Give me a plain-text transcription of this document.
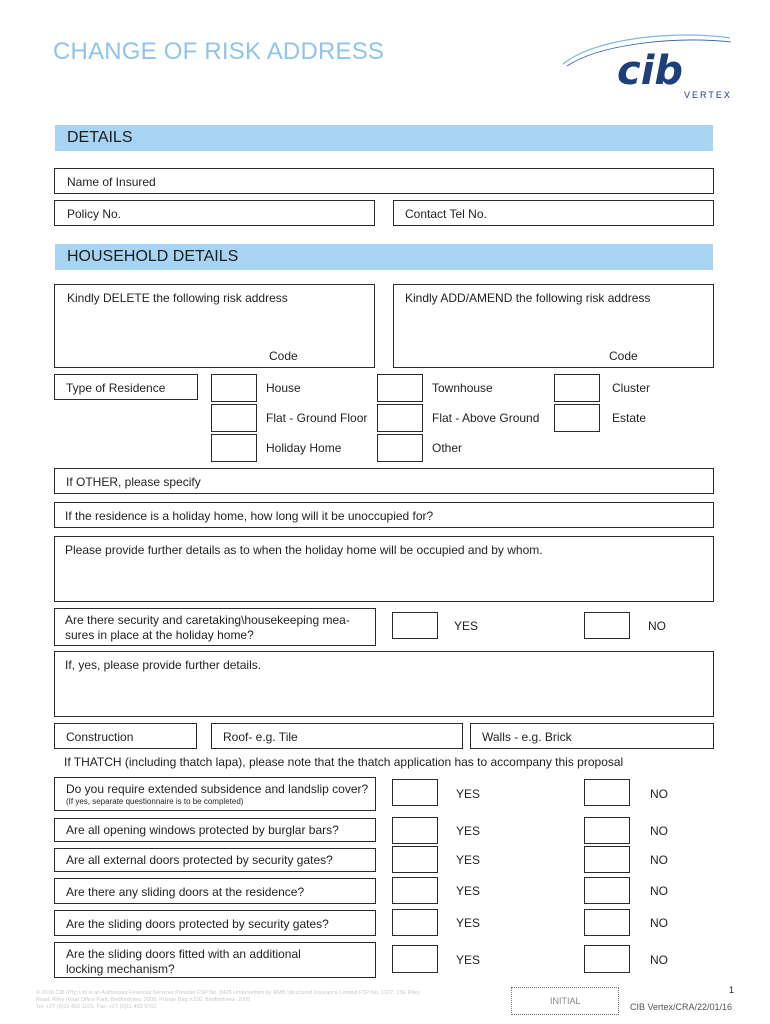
CHANGE OF RISK ADDRESS	cib
VERTEX
DETAILS
Name of Insured
Policy No.	Contact Tel No.
HOUSEHOLD DETAILS
Kindly DELETE the following risk address
Code
Kindly ADD/AMEND the following risk address
Code
Type of Residence	House	Townhouse	Cluster
Flat - Ground Floor	Flat - Above Ground	Estate
Holiday Home	Other
If OTHER, please specify
If the residence is a holiday home, how long will it be unoccupied for?
Please provide further details as to when the holiday home will be occupied and by whom.
Are there security and caretaking\housekeeping mea-
sures in place at the holiday home?
YES	NO
If, yes, please provide further details.
Construction	Roof- e.g. Tile	Walls - e.g. Brick
If THATCH (including thatch lapa), please note that the thatch application has to accompany this proposal
Do you require extended subsidence and landslip cover?
(If yes, separate questionnaire is to be completed)
YES	NO
Are all opening windows protected by burglar bars?	YES	NO
Are all external doors protected by security gates?	YES	NO
Are there any sliding doors at the residence?	YES	NO
Are the sliding doors protected by security gates?	YES	NO
Are the sliding doors fitted with an additional
locking mechanism?
YES	NO
© 2016 CIB (Pty) Ltd is an Authorised Financial Services Provider FSP No. 8425 Underwritten by RMB Structured Insurance Limited FSP No. 1927. 15E Riley
Road, Riley Road Office Park, Bedfordview, 2008. Private Bag X150, Bedfordview, 2008
Tel: +27 (0)11 453 1101, Fax: +27 (0)11 453 5702
INITIAL
1
CIB Vertex/CRA/22/01/16
